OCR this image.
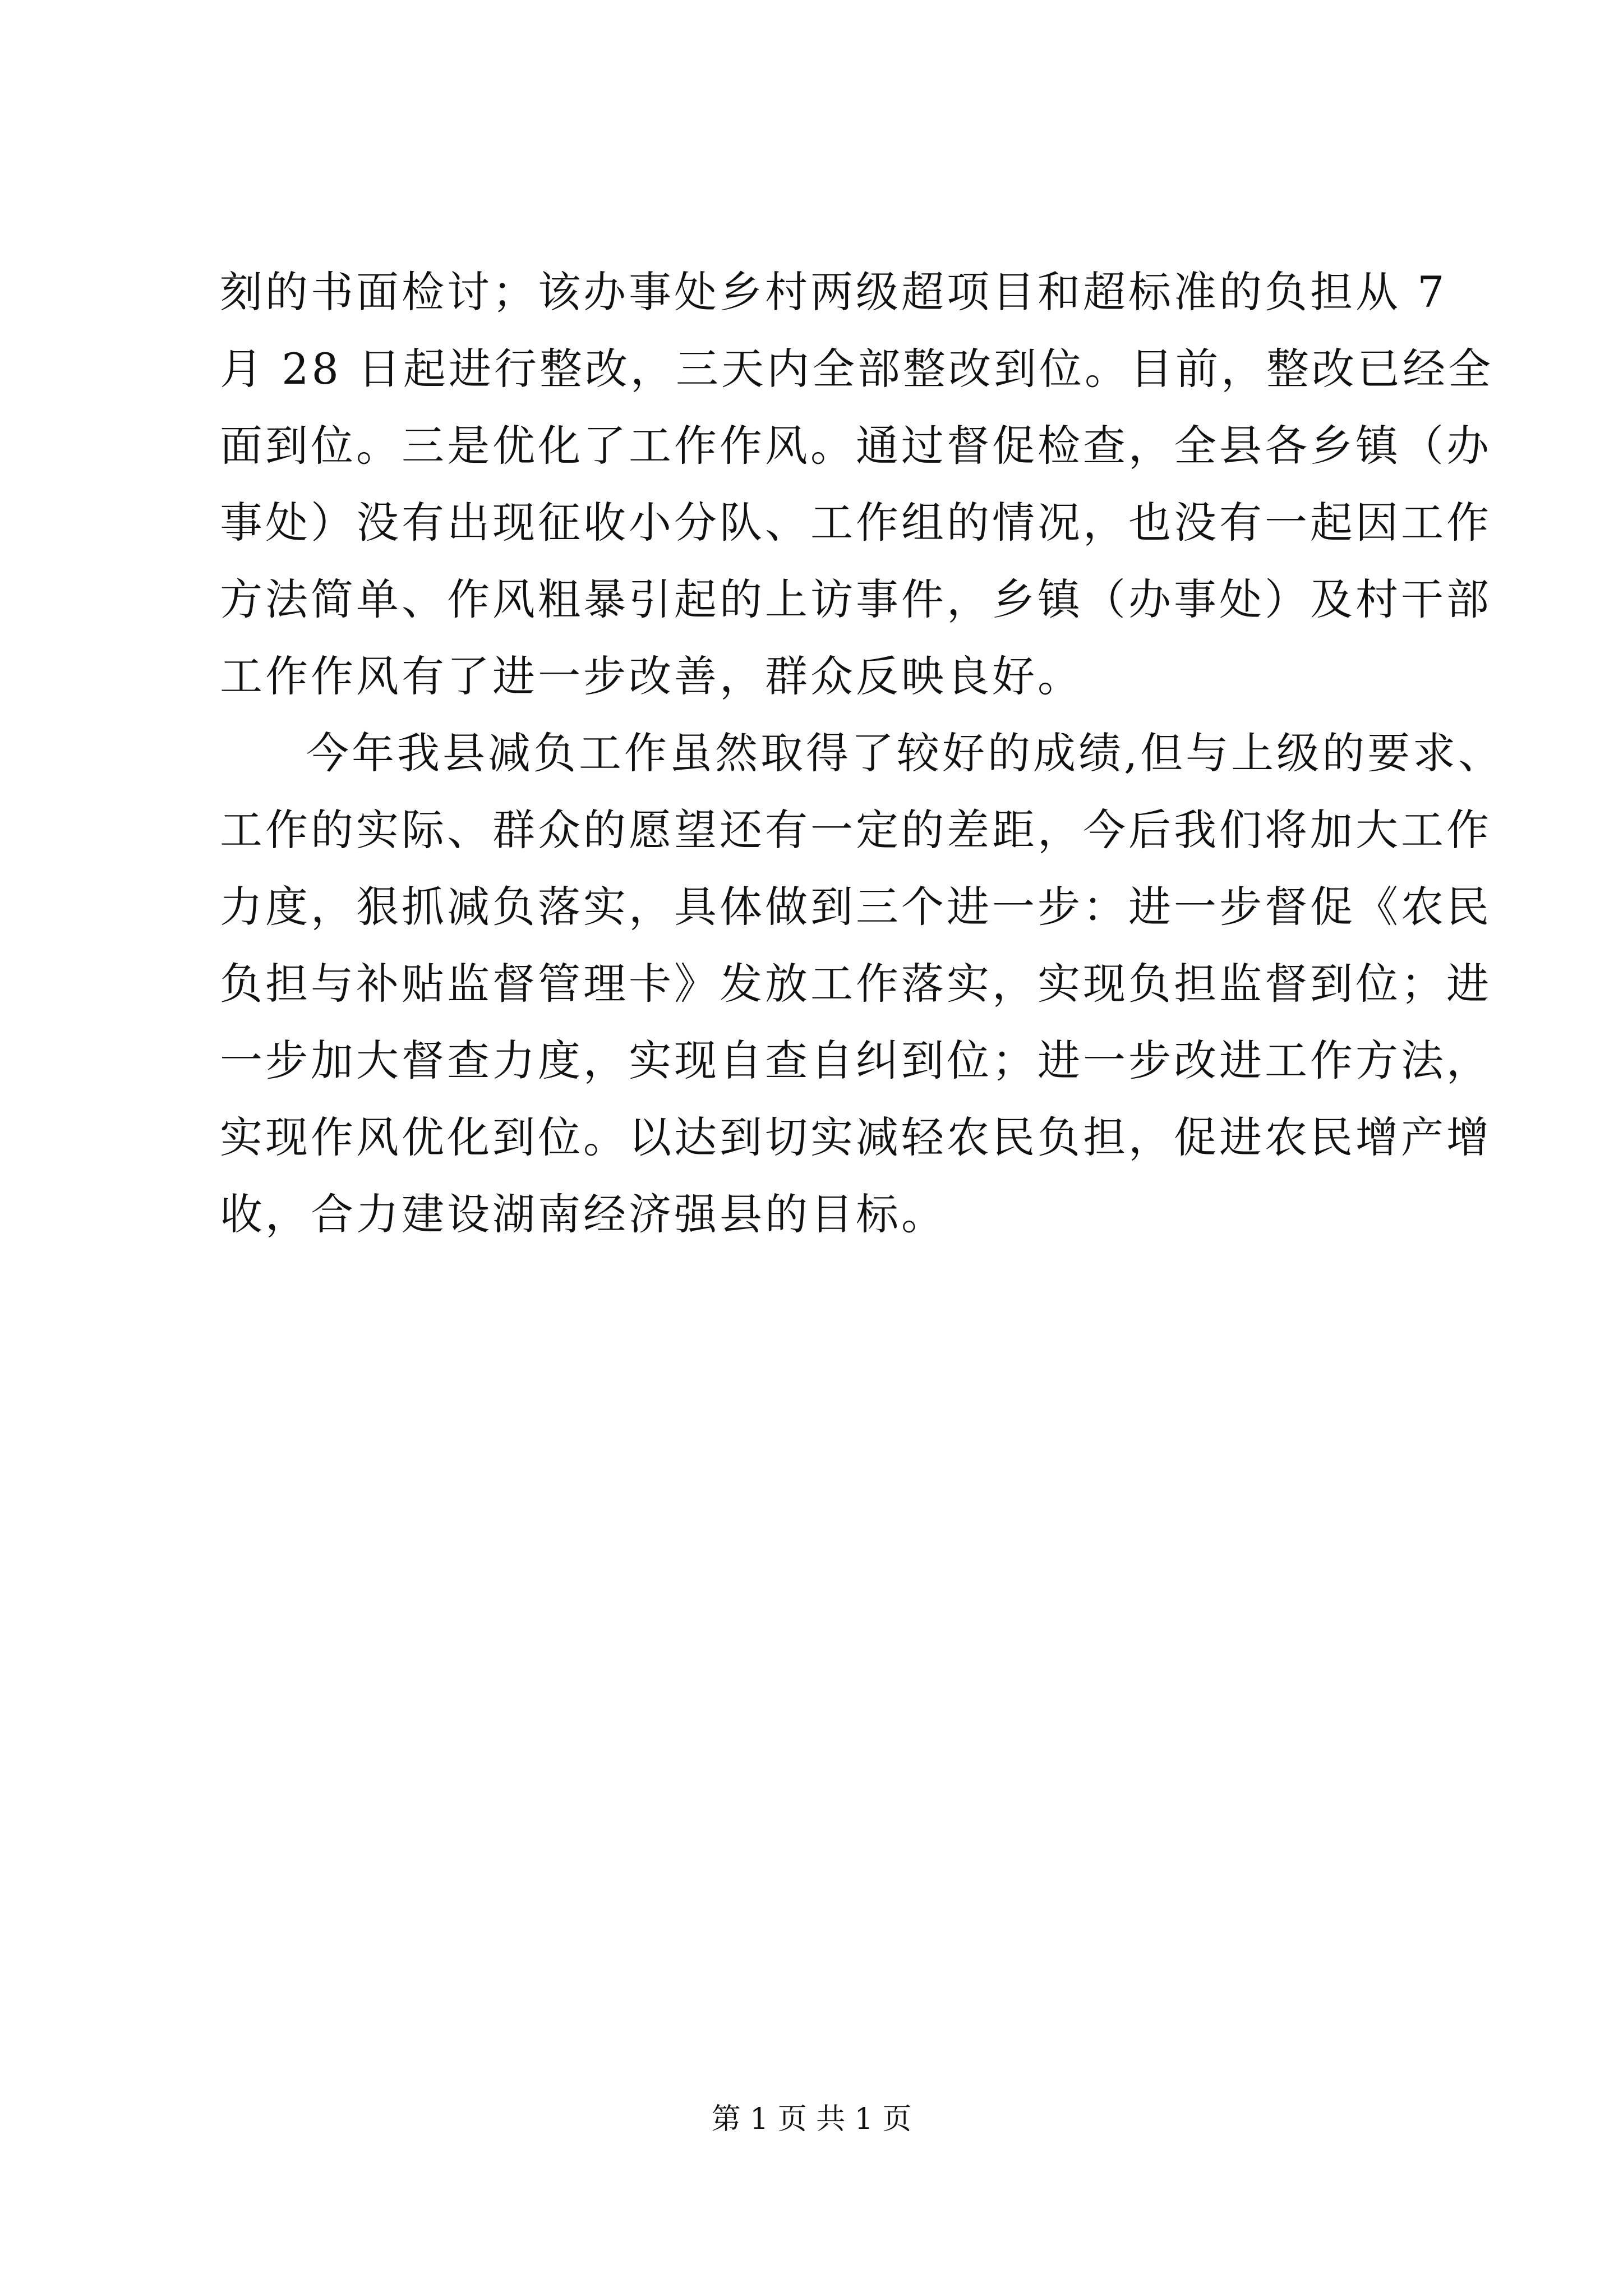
刻的书面检讨；该办事处乡村两级超项目和超标准的负担从 7
月 28 日起进行整改，三天内全部整改到位。目前，整改已经全
面到位。三是优化了工作作风。通过督促检查，全县各乡镇（办
事处）没有出现征收小分队、工作组的情况，也没有一起因工作
方法简单、作风粗暴引起的上访事件，乡镇（办事处）及村干部
工作作风有了进一步改善，群众反映良好。
今年我县减负工作虽然取得了较好的成绩,但与上级的要求、
工作的实际、群众的愿望还有一定的差距，今后我们将加大工作
力度，狠抓减负落实，具体做到三个进一步：进一步督促《农民
负担与补贴监督管理卡》发放工作落实，实现负担监督到位；进
一步加大督查力度，实现自查自纠到位；进一步改进工作方法，
实现作风优化到位。以达到切实减轻农民负担，促进农民增产增
收，合力建设湖南经济强县的目标。
第 1 页 共 1 页
